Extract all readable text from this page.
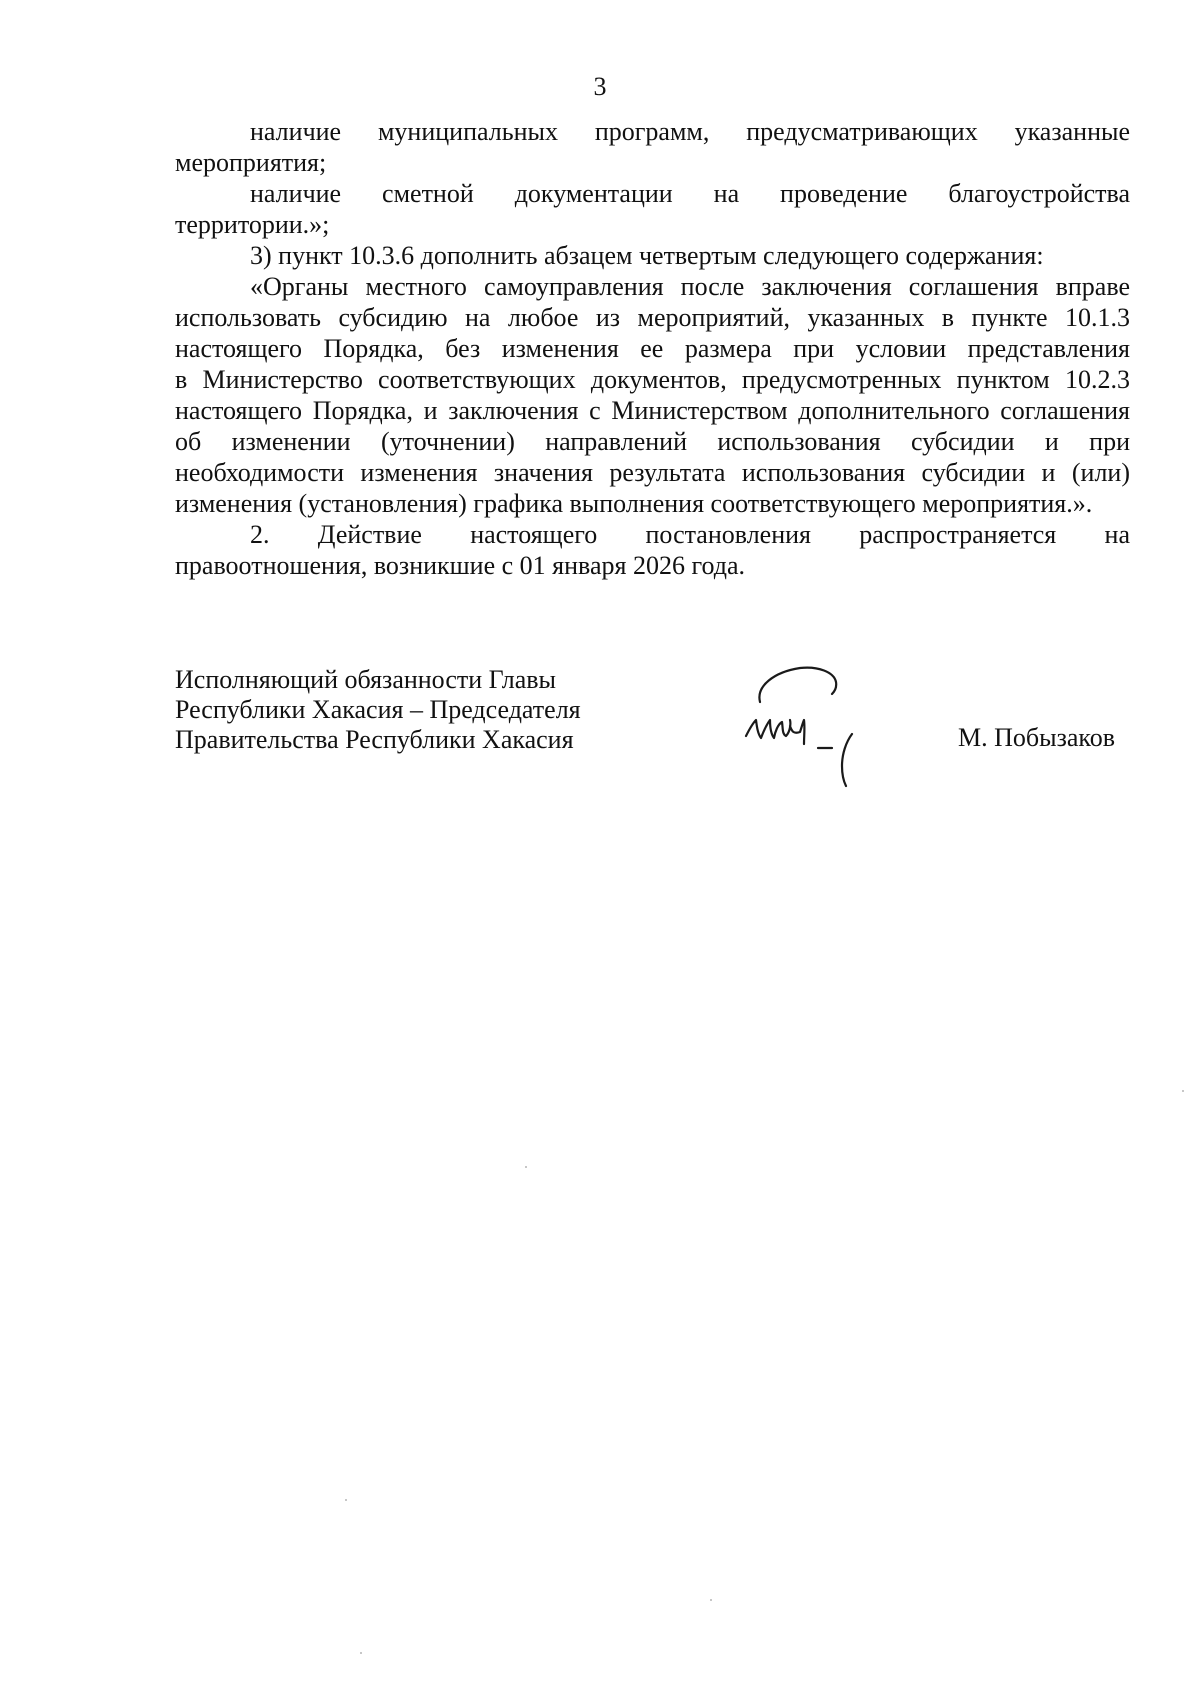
3
наличие муниципальных программ, предусматривающих указанные
мероприятия;
наличие сметной документации на проведение благоустройства
территории.»;
3) пункт 10.3.6 дополнить абзацем четвертым следующего содержания:
«Органы местного самоуправления после заключения соглашения вправе
использовать субсидию на любое из мероприятий, указанных в пункте 10.1.3
настоящего Порядка, без изменения ее размера при условии представления
в Министерство соответствующих документов, предусмотренных пунктом 10.2.3
настоящего Порядка, и заключения с Министерством дополнительного соглашения
об изменении (уточнении) направлений использования субсидии и при
необходимости изменения значения результата использования субсидии и (или)
изменения (установления) графика выполнения соответствующего мероприятия.».
2. Действие настоящего постановления распространяется на
правоотношения, возникшие с 01 января 2026 года.
Исполняющий обязанности Главы
Республики Хакасия – Председателя
Правительства Республики Хакасия	М. Побызаков
